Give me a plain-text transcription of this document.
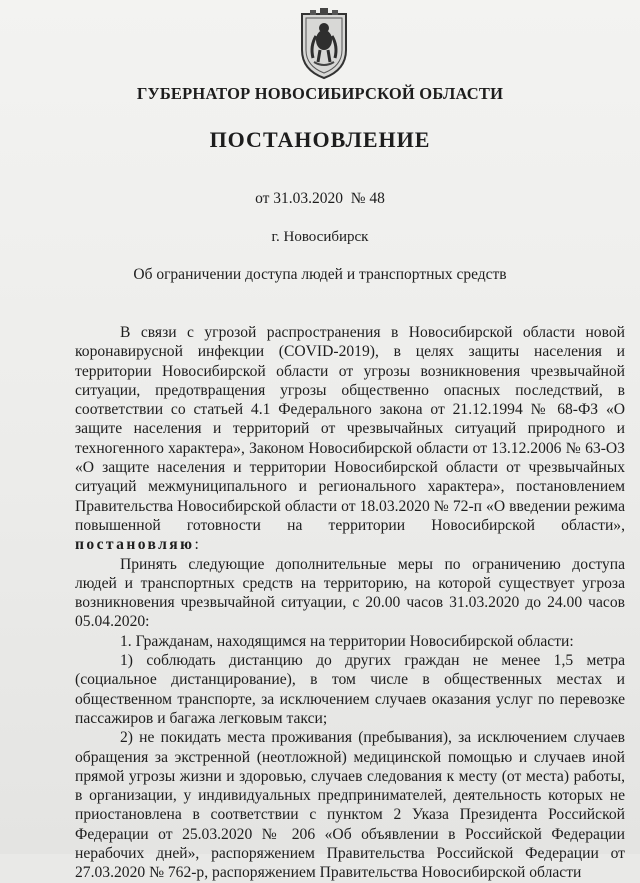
ГУБЕРНАТОР НОВОСИБИРСКОЙ ОБЛАСТИ
ПОСТАНОВЛЕНИЕ
от 31.03.2020  № 48
г. Новосибирск
Об ограничении доступа людей и транспортных средств

В связи с угрозой распространения в Новосибирской области новой коронавирусной инфекции (COVID-2019), в целях защиты населения и территории Новосибирской области от угрозы возникновения чрезвычайной ситуации, предотвращения угрозы общественно опасных последствий, в соответствии со статьей 4.1 Федерального закона от 21.12.1994 № 68-ФЗ «О защите населения и территорий от чрезвычайных ситуаций природного и техногенного характера», Законом Новосибирской области от 13.12.2006 № 63-ОЗ «О защите населения и территории Новосибирской области от чрезвычайных ситуаций межмуниципального и регионального характера», постановлением Правительства Новосибирской области от 18.03.2020 № 72-п «О введении режима повышенной готовности на территории Новосибирской области», постановляю:

Принять следующие дополнительные меры по ограничению доступа людей и транспортных средств на территорию, на которой существует угроза возникновения чрезвычайной ситуации, с 20.00 часов 31.03.2020 до 24.00 часов 05.04.2020:

1. Гражданам, находящимся на территории Новосибирской области:

1) соблюдать дистанцию до других граждан не менее 1,5 метра (социальное дистанцирование), в том числе в общественных местах и общественном транспорте, за исключением случаев оказания услуг по перевозке пассажиров и багажа легковым такси;

2) не покидать места проживания (пребывания), за исключением случаев обращения за экстренной (неотложной) медицинской помощью и случаев иной прямой угрозы жизни и здоровью, случаев следования к месту (от места) работы, в организации, у индивидуальных предпринимателей, деятельность которых не приостановлена в соответствии с пунктом 2 Указа Президента Российской Федерации от 25.03.2020 № 206 «Об объявлении в Российской Федерации нерабочих дней», распоряжением Правительства Российской Федерации от 27.03.2020 № 762-р, распоряжением Правительства Новосибирской области
